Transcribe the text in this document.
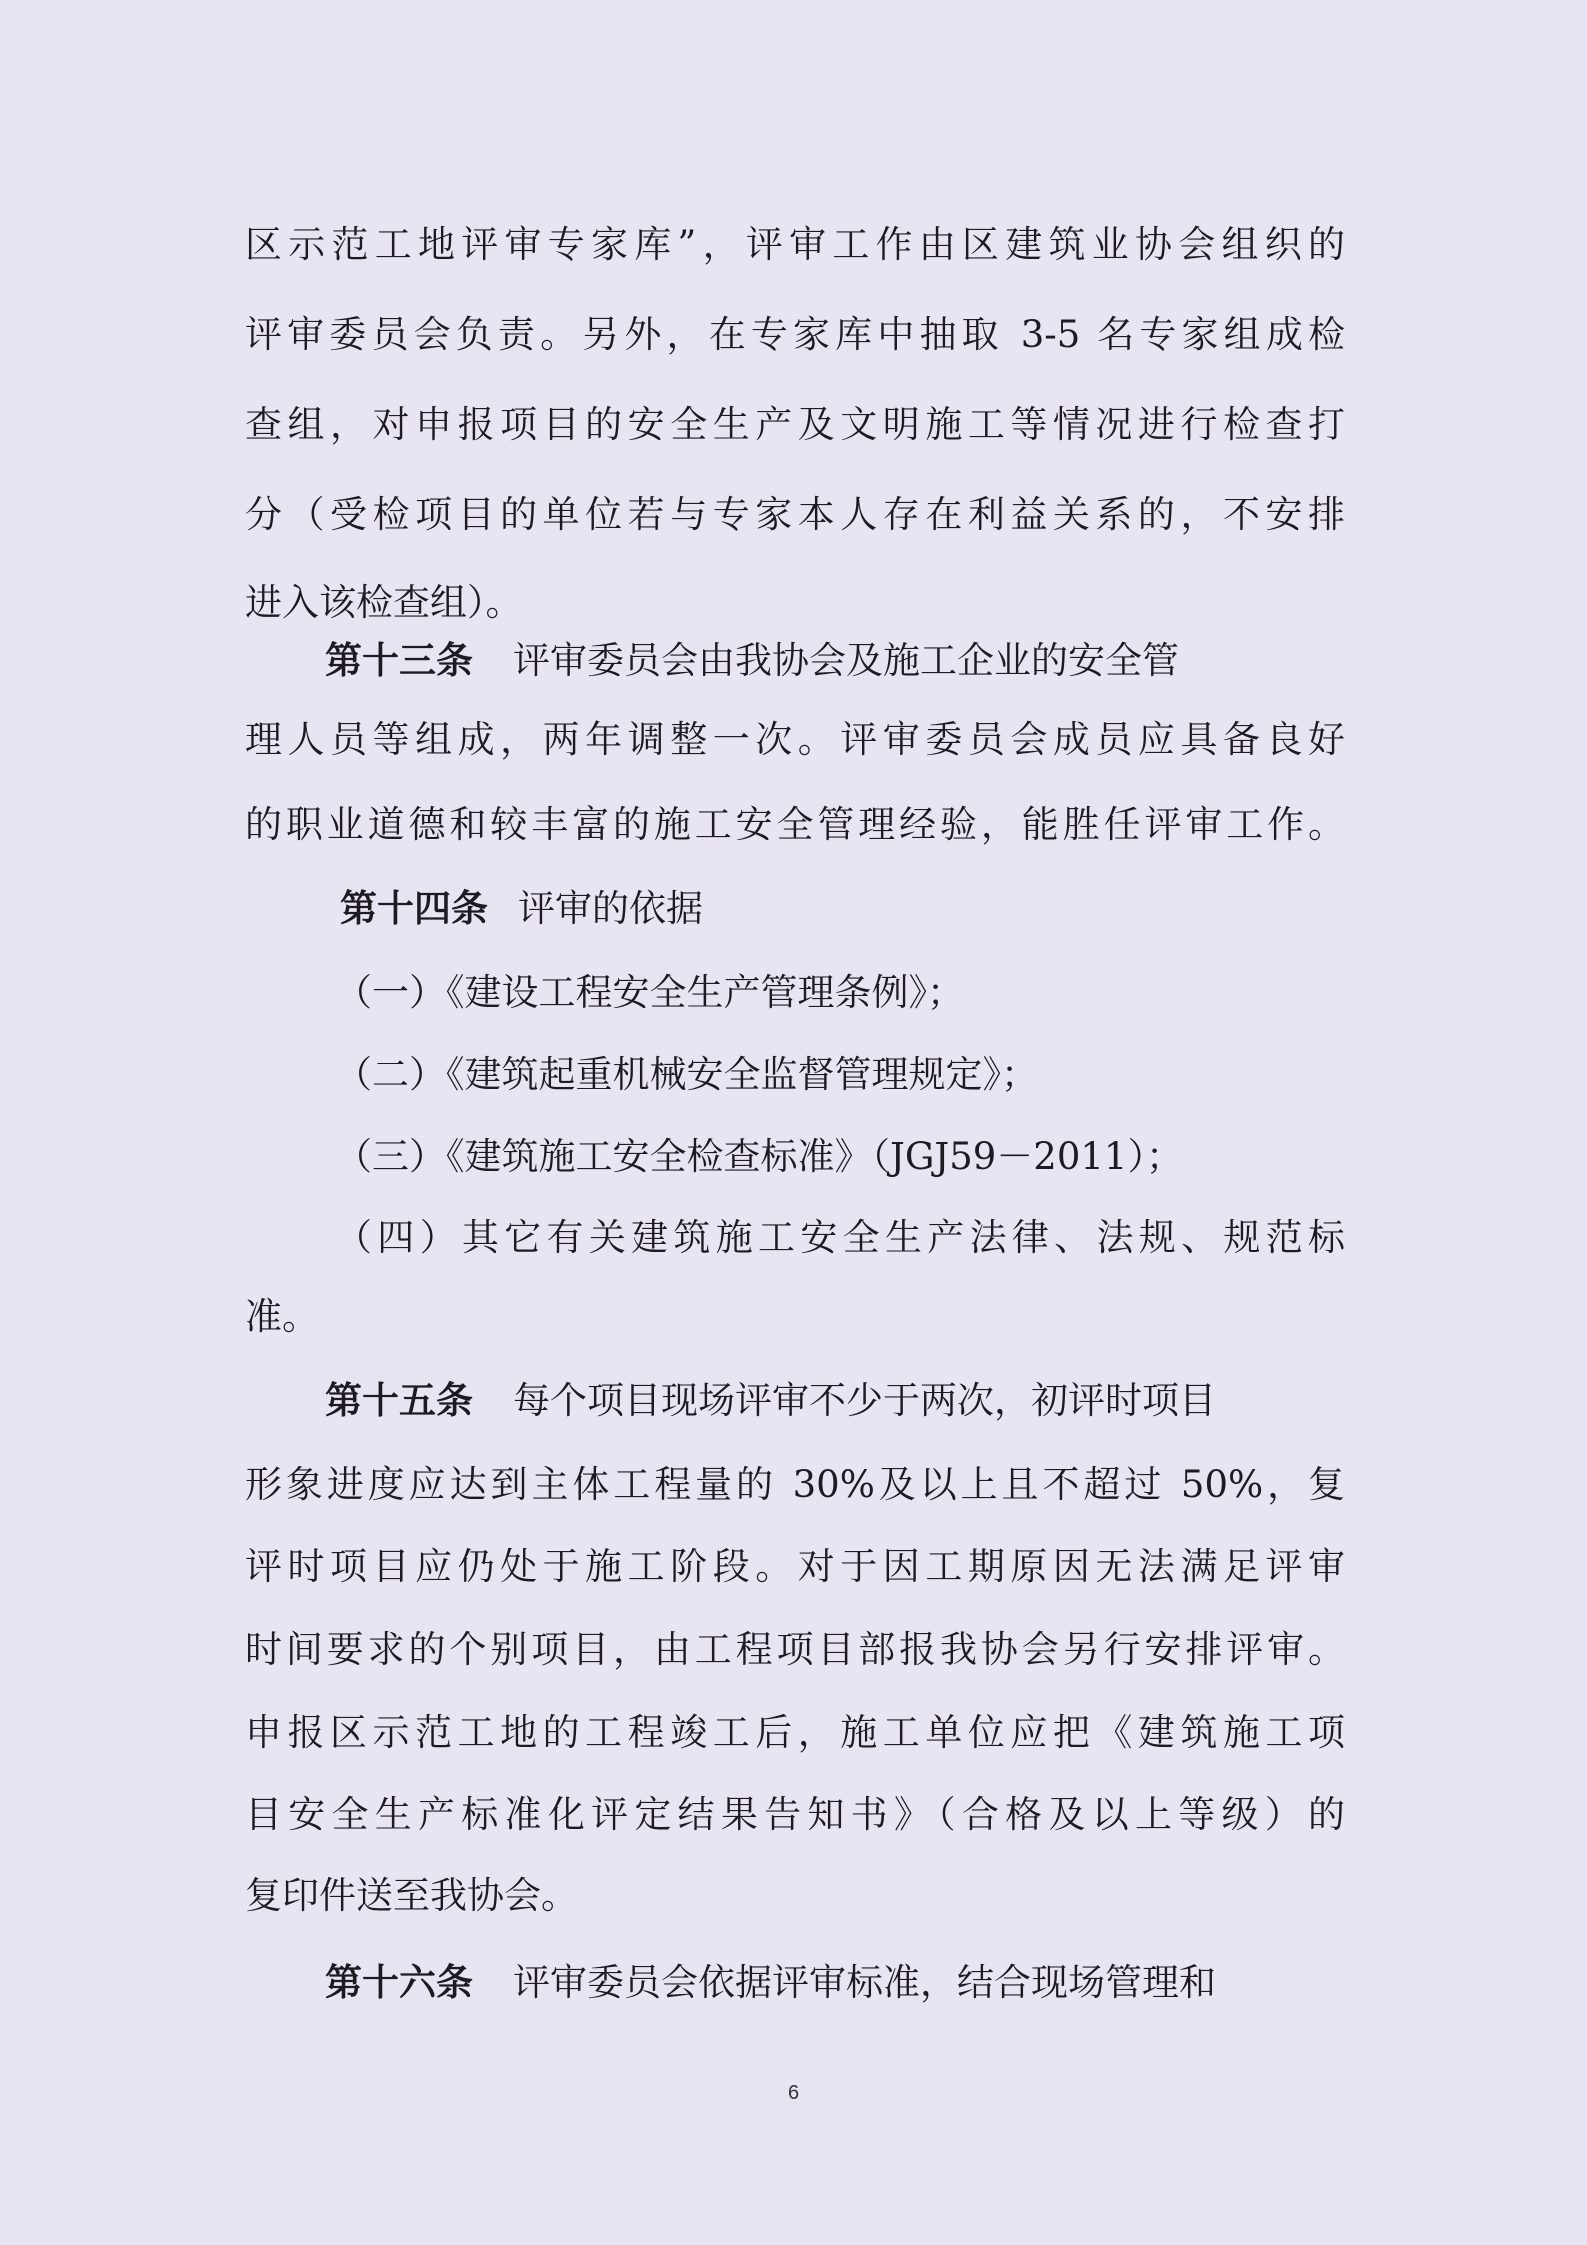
区示范工地评审专家库”，评审工作由区建筑业协会组织的
评审委员会负责。另外，在专家库中抽取 3-5 名专家组成检
查组，对申报项目的安全生产及文明施工等情况进行检查打
分（受检项目的单位若与专家本人存在利益关系的，不安排
进入该检查组）。
第十三条 评审委员会由我协会及施工企业的安全管
理人员等组成，两年调整一次。评审委员会成员应具备良好
的职业道德和较丰富的施工安全管理经验，能胜任评审工作。
第十四条 评审的依据
（一）《建设工程安全生产管理条例》；
（二）《建筑起重机械安全监督管理规定》；
（三）《建筑施工安全检查标准》（JGJ59－2011）；
（四）其它有关建筑施工安全生产法律、法规、规范标
准。
第十五条 每个项目现场评审不少于两次，初评时项目
形象进度应达到主体工程量的 30%及以上且不超过 50%，复
评时项目应仍处于施工阶段。对于因工期原因无法满足评审
时间要求的个别项目，由工程项目部报我协会另行安排评审。
申报区示范工地的工程竣工后，施工单位应把《建筑施工项
目安全生产标准化评定结果告知书》（合格及以上等级）的
复印件送至我协会。
第十六条 评审委员会依据评审标准，结合现场管理和
6
